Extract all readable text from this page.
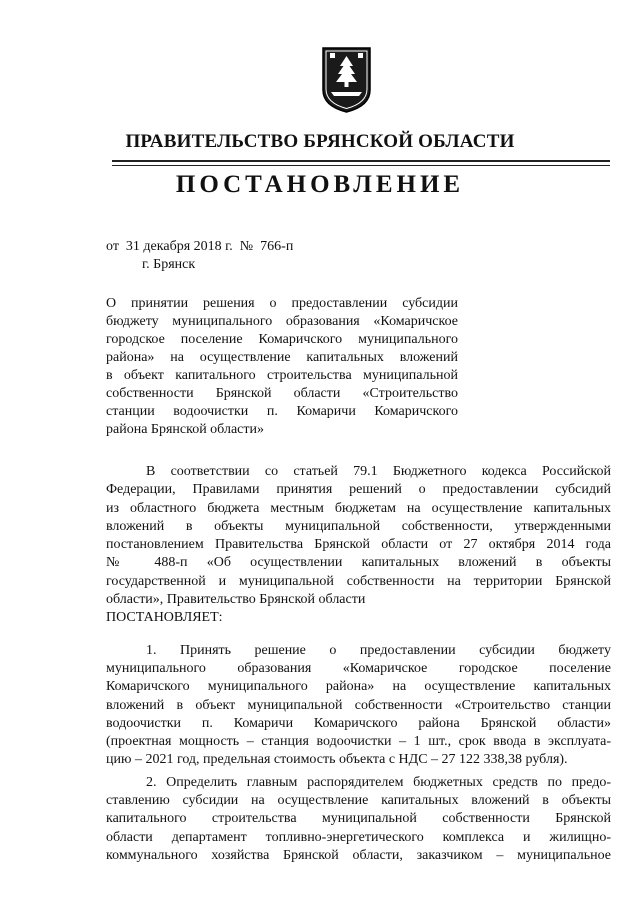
ПРАВИТЕЛЬСТВО БРЯНСКОЙ ОБЛАСТИ
ПОСТАНОВЛЕНИЕ
от  31 декабря 2018 г.  №  766-п
г. Брянск
О принятии решения о предоставлении субсидии
бюджету муниципального образования «Комаричское
городское поселение Комаричского муниципального
района» на осуществление капитальных вложений
в объект капитального строительства муниципальной
собственности Брянской области «Строительство
станции водоочистки п. Комаричи Комаричского
района Брянской области»
В соответствии со статьей 79.1 Бюджетного кодекса Российской
Федерации, Правилами принятия решений о предоставлении субсидий
из областного бюджета местным бюджетам на осуществление капитальных
вложений в объекты муниципальной собственности, утвержденными
постановлением Правительства Брянской области от 27 октября 2014 года
№ 488-п «Об осуществлении капитальных вложений в объекты
государственной и муниципальной собственности на территории Брянской
области», Правительство Брянской области
ПОСТАНОВЛЯЕТ:
1. Принять решение о предоставлении субсидии бюджету
муниципального образования «Комаричское городское поселение
Комаричского муниципального района» на осуществление капитальных
вложений в объект муниципальной собственности «Строительство станции
водоочистки п. Комаричи Комаричского района Брянской области»
(проектная мощность – станция водоочистки – 1 шт., срок ввода в эксплуата-
цию – 2021 год, предельная стоимость объекта с НДС – 27 122 338,38 рубля).
2. Определить главным распорядителем бюджетных средств по предо-
ставлению субсидии на осуществление капитальных вложений в объекты
капитального строительства муниципальной собственности Брянской
области департамент топливно-энергетического комплекса и жилищно-
коммунального хозяйства Брянской области, заказчиком – муниципальное
